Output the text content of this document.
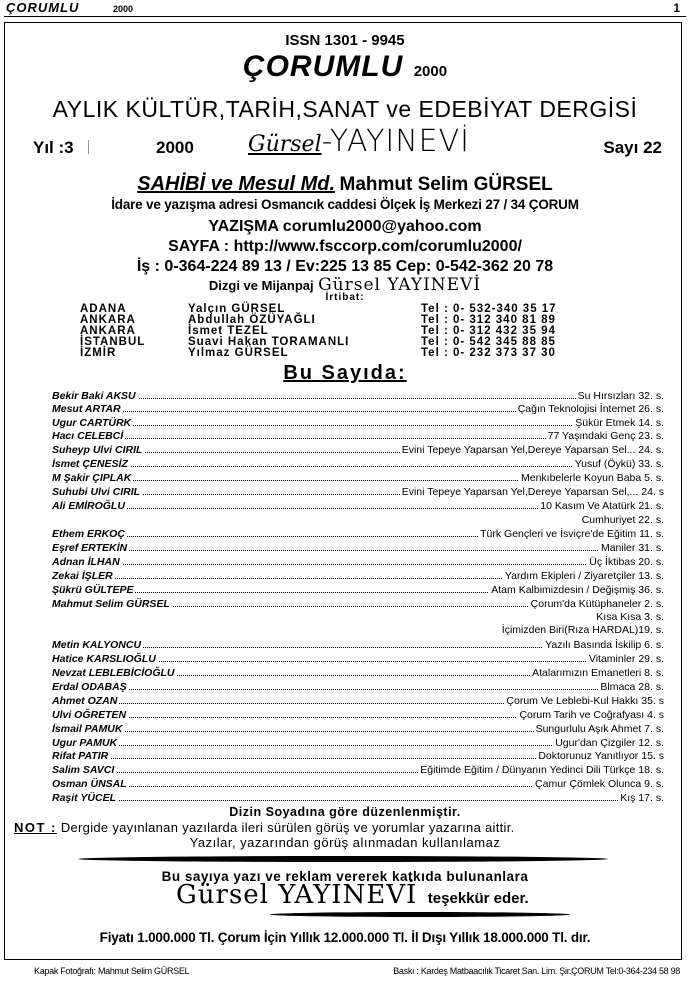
ÇORUMLU	2000	1
ISSN 1301 - 9945
ÇORUMLU 2000
AYLIK KÜLTÜR,TARİH,SANAT ve EDEBİYAT DERGİSİ
Yıl :3	2000 Gürsel-YAYINEVİ	Sayı 22
SAHİBİ ve Mesul Md. Mahmut Selim GÜRSEL
İdare ve yazışma adresi Osmancık caddesi Ölçek İş Merkezi 27 / 34 ÇORUM
YAZIŞMA corumlu2000@yahoo.com
SAYFA : http://www.fsccorp.com/corumlu2000/
İş : 0-364-224 89 13 / Ev:225 13 85 Cep: 0-542-362 20 78
Dizgi ve Mijanpaj Gürsel YAYINEVİ
İrtibat:
ADANA	Yalçın GÜRSEL	Tel : 0- 532-340 35 17
ANKARA	Abdullah ÖZÜYAĞLI	Tel : 0- 312 340 81 89
ANKARA	İsmet TEZEL	Tel : 0- 312 432 35 94
İSTANBUL	Suavi Hakan TORAMANLI	Tel : 0- 542 345 88 85
İZMİR	Yılmaz GÜRSEL	Tel : 0- 232 373 37 30
Bu Sayıda:
Bekir Baki AKSU	Su Hırsızları 32. s.
Mesut ARTAR	Çağın Teknolojisi İnternet 26. s.
Ugur CARTÜRK	Şükür Etmek 14. s.
Hacı CELEBCİ	77 Yaşındaki Genç 23. s.
Suheyp Ulvi CIRIL	Evini Tepeye Yaparsan Yel,Dereye Yaparsan Sel... 24. s.
İsmet ÇENESİZ	Yusuf (Öykü) 33. s.
M Şakir ÇIPLAK	Menkıbelerle Koyun Baba 5. s.
Suhubi Ulvi CIRIL	Evini Tepeye Yaparsan Yel,Dereye Yaparsan Sel,... 24. s
Ali EMİROĞLU	10 Kasım Ve Atatürk 21. s.
Cumhuriyet 22. s.
Ethem ERKOÇ	Türk Gençleri ve İsviçre'de Eğitim 11. s.
Eşref ERTEKİN	Maniler 31. s.
Adnan İLHAN	Üç İktibas 20. s.
Zekai İŞLER	Yardım Ekipleri / Ziyaretçiler 13. s.
Şükrü GÜLTEPE	Atam Kalbimizdesin / Değişmiş 36. s.
Mahmut Selim GÜRSEL	Çorum'da Kütüphaneler 2. s.
Kısa Kısa 3. s.
İçimizden Biri(Rıza HARDAL)19. s.
Metin KALYONCU	Yazılı Basında İskilip 6. s.
Hatice KARSLIOĞLU	Vitaminler 29. s.
Nevzat LEBLEBİCİOĞLU	Atalarımızın Emanetleri 8. s.
Erdal ODABAŞ	Blmaca 28. s.
Ahmet OZAN	Çorum Ve Leblebi-Kul Hakkı 35. s
Ulvi OĞRETEN	Çorum Tarih ve Coğrafyası 4. s
İsmail PAMUK	Sungurlulu Aşık Ahmet 7. s.
Ugur PAMUK	Ugur'dan Çizgiler 12. s.
Rifat PATIR	Doktorunuz Yanıtlıyor 15. s
Salim SAVCI	Eğitimde Eğitim / Dünyanın Yedinci Dili Türkçe 18. s.
Osman ÜNSAL	Çamur Çömlek Olunca 9. s.
Raşit YÜCEL	Kış 17. s.
Dizin Soyadına göre düzenlenmiştir.
NOT : Dergide yayınlanan yazılarda ileri sürülen görüş ve yorumlar yazarına aittir.
Yazılar, yazarından görüş alınmadan kullanılamaz
Bu sayıya yazı ve reklam vererek katkıda bulunanlara
Gürsel YAYINEVİ teşekkür eder.
Fiyatı 1.000.000 Tl. Çorum İçin Yıllık 12.000.000 Tl. İl Dışı Yıllık 18.000.000 Tl. dır.
Kapak Fotoğrafı: Mahmut Selim GÜRSEL	Baskı : Kardeş Matbaacılık Ticaret San. Lim. Şir.ÇORUM Tel:0-364-234 58 98
